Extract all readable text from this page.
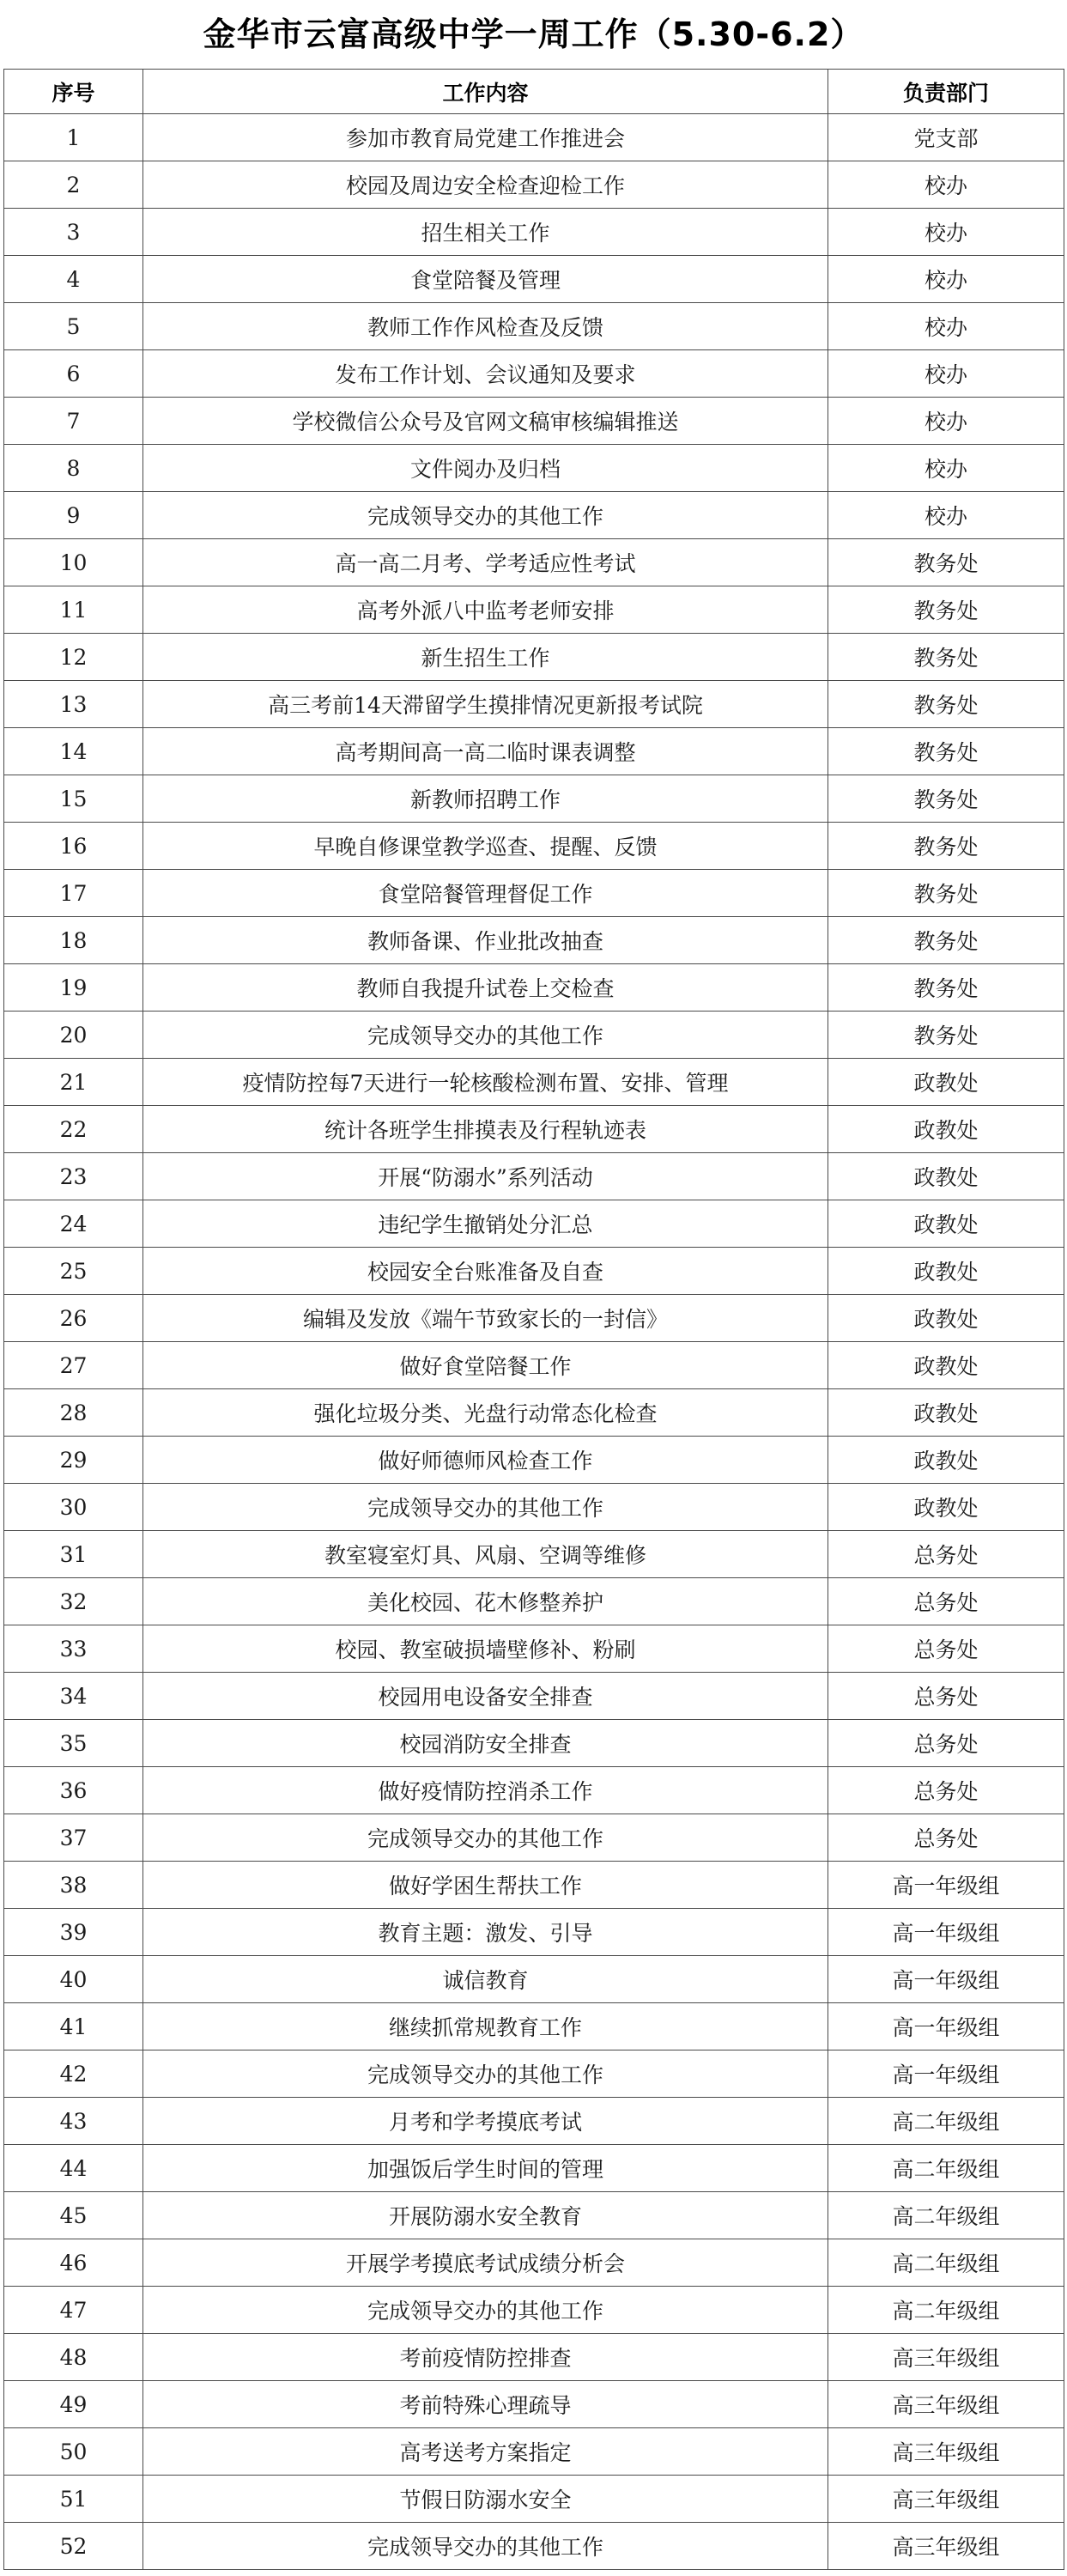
金华市云富高级中学一周工作（5.30-6.2）
序号	工作内容	负责部门
1	参加市教育局党建工作推进会	党支部
2	校园及周边安全检查迎检工作	校办
3	招生相关工作	校办
4	食堂陪餐及管理	校办
5	教师工作作风检查及反馈	校办
6	发布工作计划、会议通知及要求	校办
7	学校微信公众号及官网文稿审核编辑推送	校办
8	文件阅办及归档	校办
9	完成领导交办的其他工作	校办
10	高一高二月考、学考适应性考试	教务处
11	高考外派八中监考老师安排	教务处
12	新生招生工作	教务处
13	高三考前14天滞留学生摸排情况更新报考试院	教务处
14	高考期间高一高二临时课表调整	教务处
15	新教师招聘工作	教务处
16	早晚自修课堂教学巡查、提醒、反馈	教务处
17	食堂陪餐管理督促工作	教务处
18	教师备课、作业批改抽查	教务处
19	教师自我提升试卷上交检查	教务处
20	完成领导交办的其他工作	教务处
21	疫情防控每7天进行一轮核酸检测布置、安排、管理	政教处
22	统计各班学生排摸表及行程轨迹表	政教处
23	开展“防溺水”系列活动	政教处
24	违纪学生撤销处分汇总	政教处
25	校园安全台账准备及自查	政教处
26	编辑及发放《端午节致家长的一封信》	政教处
27	做好食堂陪餐工作	政教处
28	强化垃圾分类、光盘行动常态化检查	政教处
29	做好师德师风检查工作	政教处
30	完成领导交办的其他工作	政教处
31	教室寝室灯具、风扇、空调等维修	总务处
32	美化校园、花木修整养护	总务处
33	校园、教室破损墙壁修补、粉刷	总务处
34	校园用电设备安全排查	总务处
35	校园消防安全排查	总务处
36	做好疫情防控消杀工作	总务处
37	完成领导交办的其他工作	总务处
38	做好学困生帮扶工作	高一年级组
39	教育主题：激发、引导	高一年级组
40	诚信教育	高一年级组
41	继续抓常规教育工作	高一年级组
42	完成领导交办的其他工作	高一年级组
43	月考和学考摸底考试	高二年级组
44	加强饭后学生时间的管理	高二年级组
45	开展防溺水安全教育	高二年级组
46	开展学考摸底考试成绩分析会	高二年级组
47	完成领导交办的其他工作	高二年级组
48	考前疫情防控排查	高三年级组
49	考前特殊心理疏导	高三年级组
50	高考送考方案指定	高三年级组
51	节假日防溺水安全	高三年级组
52	完成领导交办的其他工作	高三年级组
